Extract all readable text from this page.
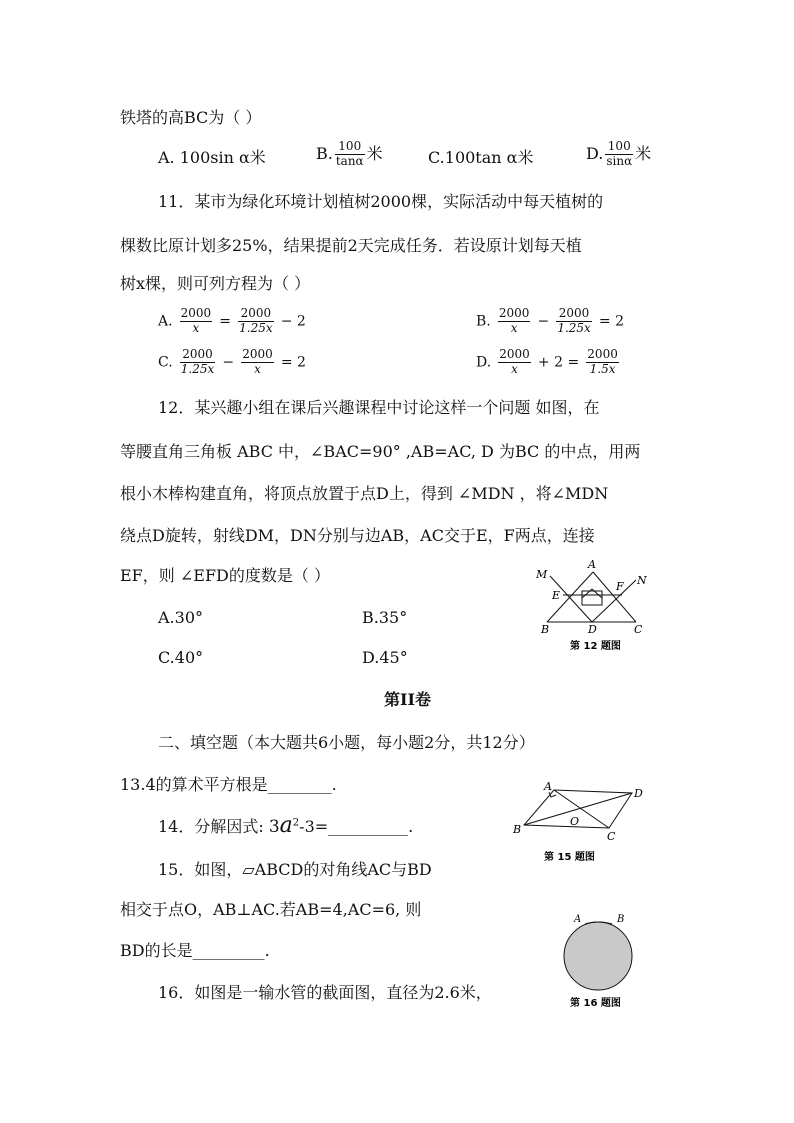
铁塔的高BC为（ ）
A. 100sin α米	B. $\frac{100}{\tan\alpha}$ 米	C.100tan α米	D. $\frac{100}{\sin\alpha}$ 米
11．某市为绿化环境计划植树2000棵，实际活动中每天植树的
棵数比原计划多25%，结果提前2天完成任务．若设原计划每天植
树x棵，则可列方程为（ ）
A. $\frac{2000}{x} = \frac{2000}{1.25x} - 2$	B. $\frac{2000}{x} - \frac{2000}{1.25x} = 2$
C. $\frac{2000}{1.25x} - \frac{2000}{x} = 2$	D. $\frac{2000}{x} + 2 = \frac{2000}{1.5x}$
12．某兴趣小组在课后兴趣课程中讨论这样一个问题 如图，在
等腰直角三角板 ABC 中，∠BAC=90° ,AB=AC, D 为BC 的中点，用两
根小木棒构建直角，将顶点放置于点D上，得到 ∠MDN ，将∠MDN
绕点D旋转，射线DM，DN分别与边AB，AC交于E，F两点，连接
EF，则 ∠EFD的度数是（ ）
A.30°	B.35°
C.40°	D.45°
A
M	N
E
F
B	D	C
第 12 题图
第II卷
二、填空题（本大题共6小题，每小题2分，共12分）
13.4的算术平方根是________.
14．分解因式: $3a^2-3=\_\_\_\_\_\_\_\_\_\_$.
A
D
B
C
O
第 15 题图
15．如图，▱ABCD的对角线AC与BD
相交于点O，AB⊥AC.若AB=4,AC=6, 则
BD的长是_________.
A	B
第 16 题图
16．如图是一输水管的截面图，直径为2.6米，
